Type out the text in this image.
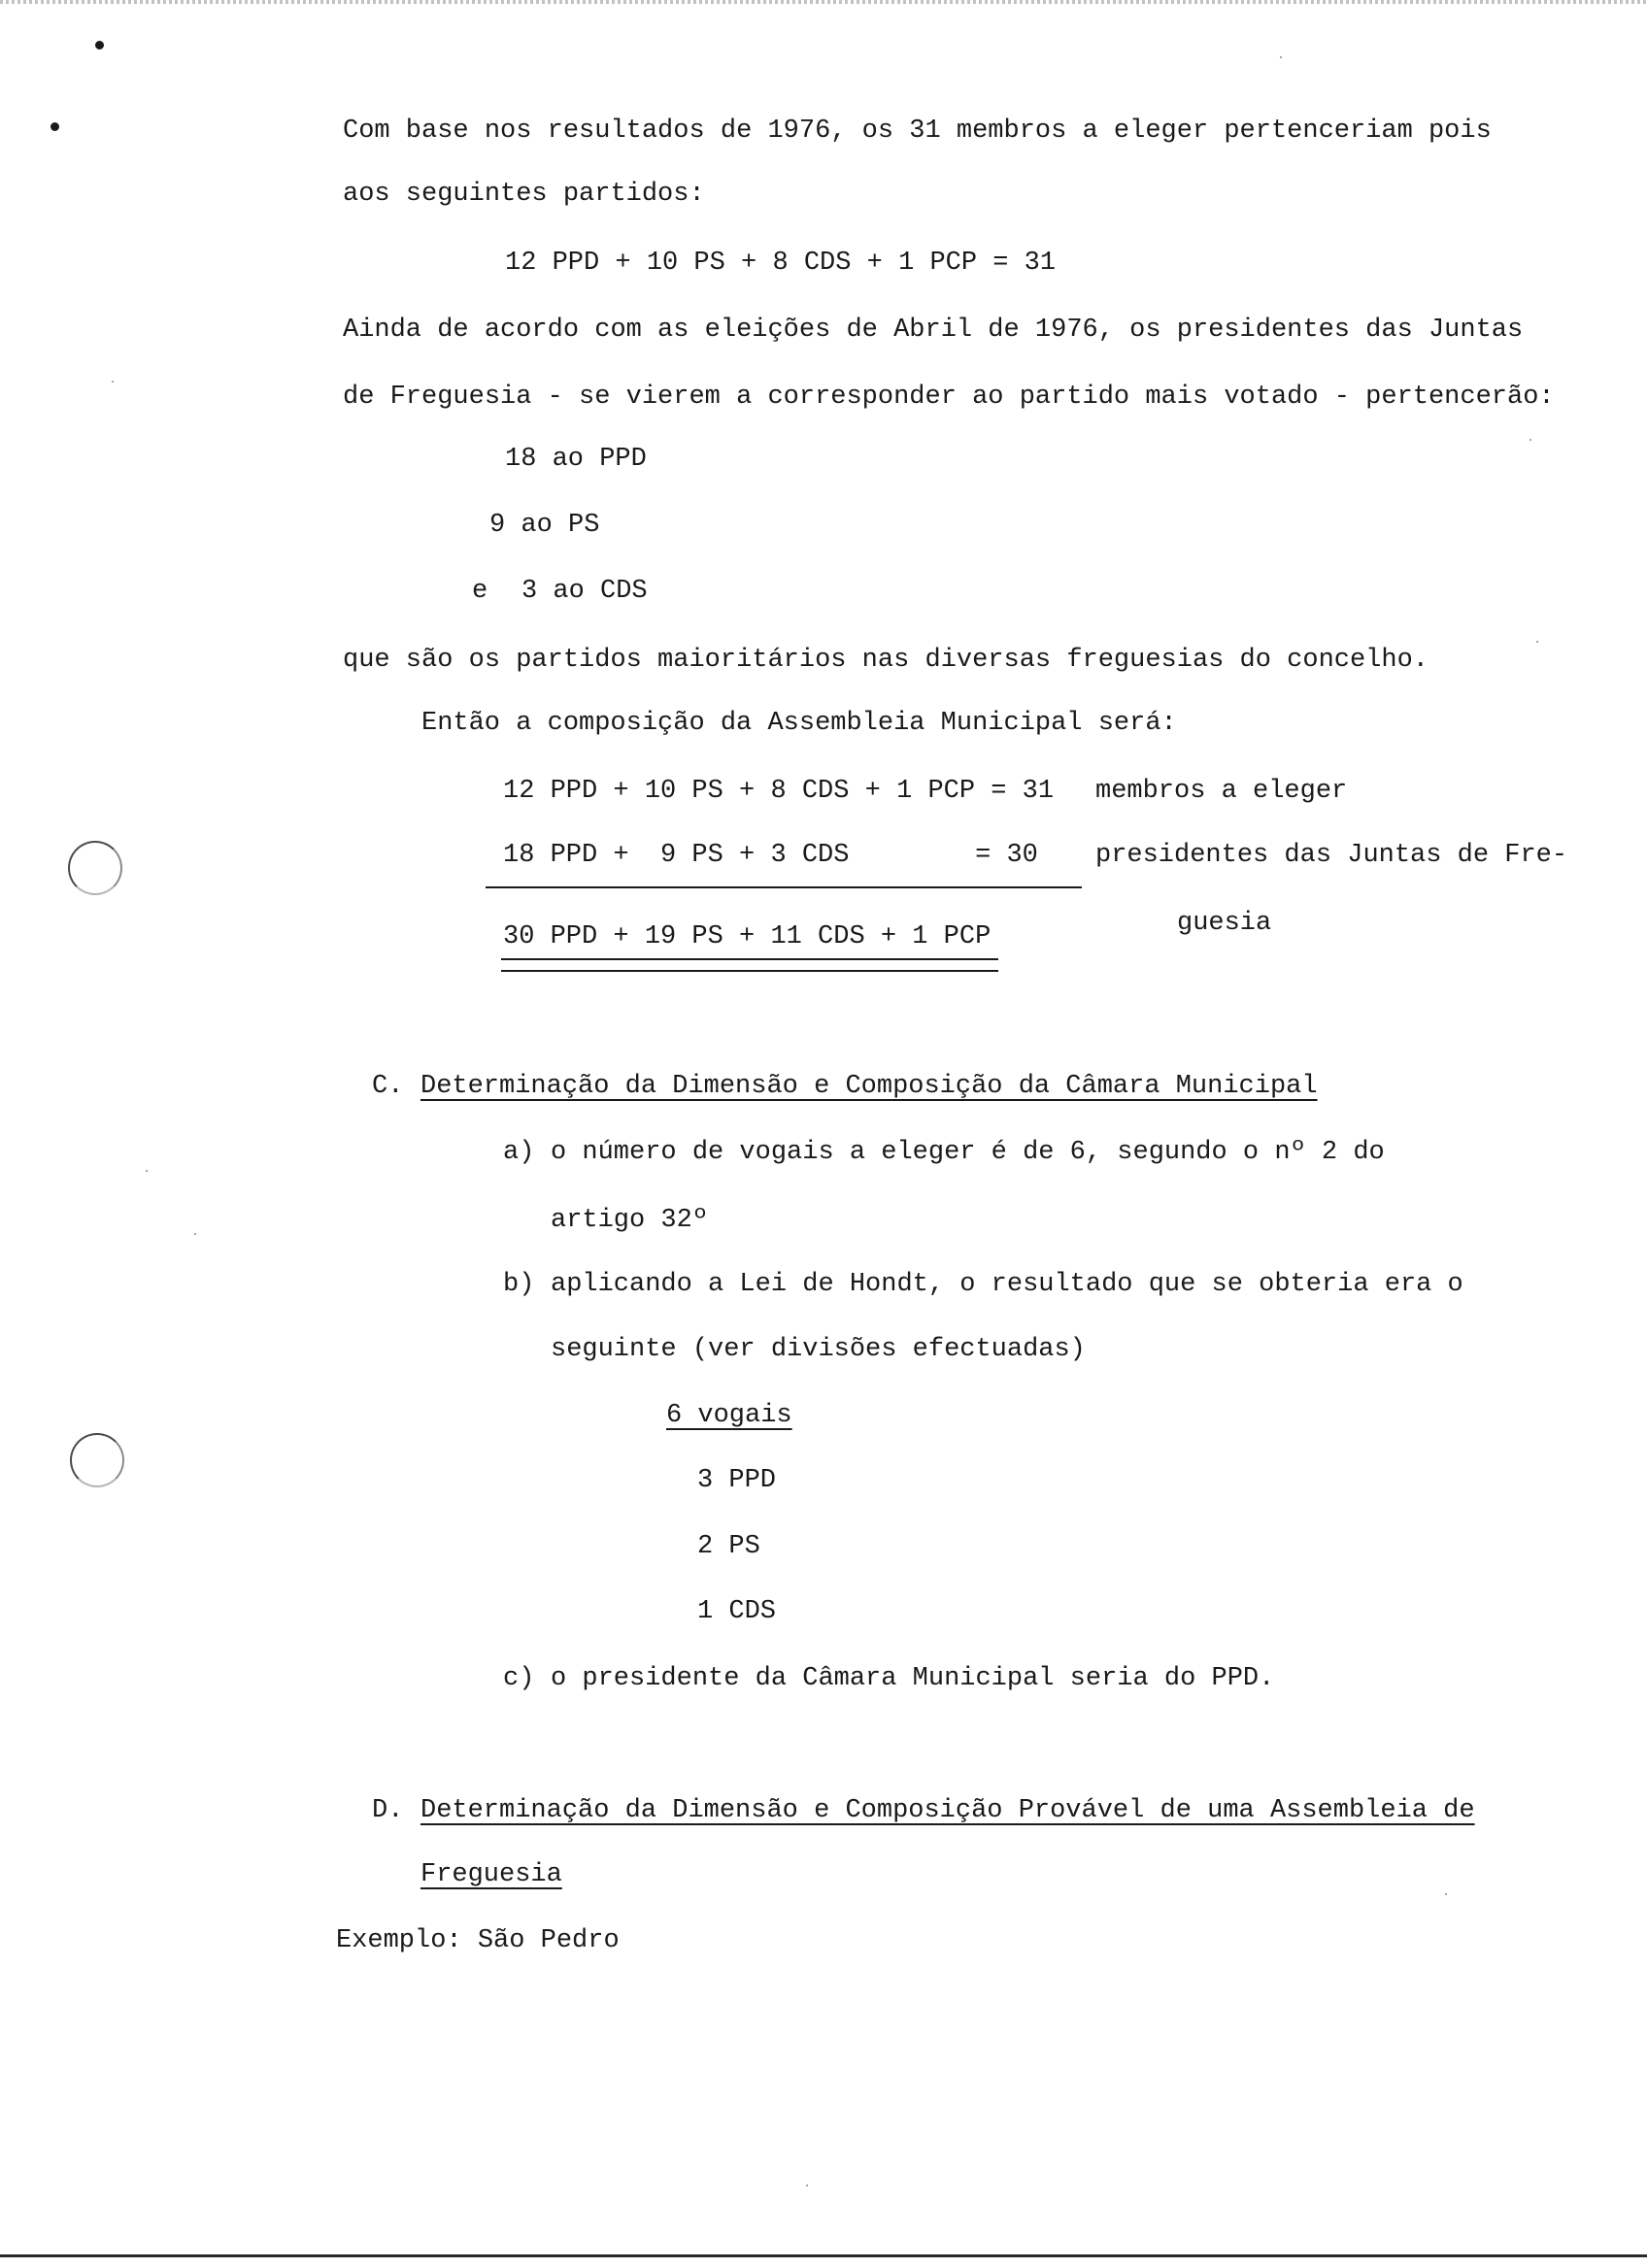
Com base nos resultados de 1976, os 31 membros a eleger pertenceriam pois

aos seguintes partidos:

12 PPD + 10 PS + 8 CDS + 1 PCP = 31

Ainda de acordo com as eleições de Abril de 1976, os presidentes das Juntas

de Freguesia - se vierem a corresponder ao partido mais votado - pertencerão:

18 ao PPD

9 ao PS

e 3 ao CDS

que são os partidos maioritários nas diversas freguesias do concelho.

Então a composição da Assembleia Municipal será:

12 PPD + 10 PS + 8 CDS + 1 PCP = 31 membros a eleger

18 PPD +  9 PS + 3 CDS        = 30 presidentes das Juntas de Fre-

guesia

30 PPD + 19 PS + 11 CDS + 1 PCP

C. Determinação da Dimensão e Composição da Câmara Municipal

a) o número de vogais a eleger é de 6, segundo o nº 2 do

artigo 32º

b) aplicando a Lei de Hondt, o resultado que se obteria era o

seguinte (ver divisões efectuadas)

6 vogais

3 PPD

2 PS

1 CDS

c) o presidente da Câmara Municipal seria do PPD.

D. Determinação da Dimensão e Composição Provável de uma Assembleia de

Freguesia

Exemplo: São Pedro
